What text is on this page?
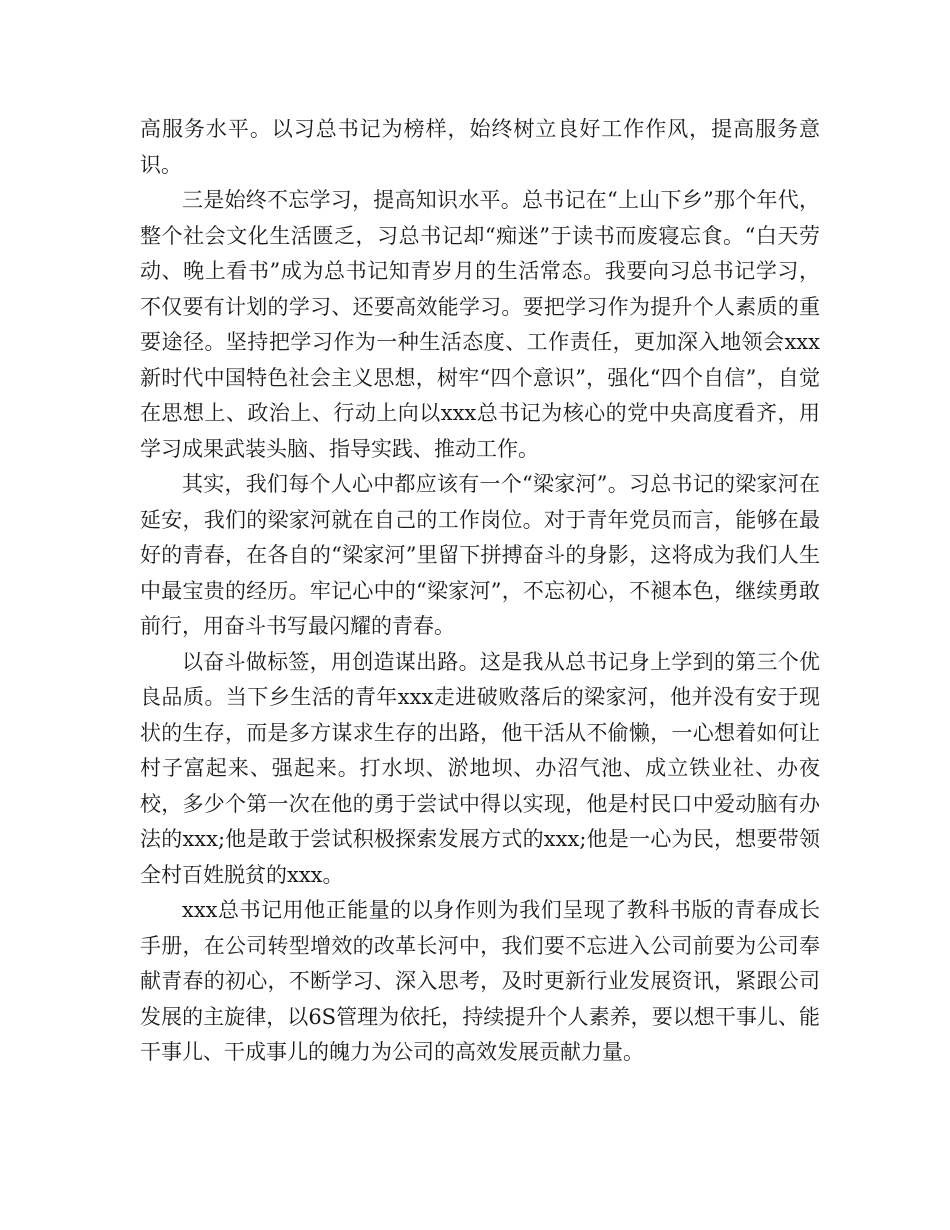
高服务水平。以习总书记为榜样，始终树立良好工作作风，提高服务意识。

三是始终不忘学习，提高知识水平。总书记在“上山下乡”那个年代，整个社会文化生活匮乏，习总书记却“痴迷”于读书而废寝忘食。“白天劳动、晚上看书”成为总书记知青岁月的生活常态。我要向习总书记学习，不仅要有计划的学习、还要高效能学习。要把学习作为提升个人素质的重要途径。坚持把学习作为一种生活态度、工作责任，更加深入地领会xxx新时代中国特色社会主义思想，树牢“四个意识”，强化“四个自信”，自觉在思想上、政治上、行动上向以xxx总书记为核心的党中央高度看齐，用学习成果武装头脑、指导实践、推动工作。

其实，我们每个人心中都应该有一个“梁家河”。习总书记的梁家河在延安，我们的梁家河就在自己的工作岗位。对于青年党员而言，能够在最好的青春，在各自的“梁家河”里留下拼搏奋斗的身影，这将成为我们人生中最宝贵的经历。牢记心中的“梁家河”，不忘初心，不褪本色，继续勇敢前行，用奋斗书写最闪耀的青春。

以奋斗做标签，用创造谋出路。这是我从总书记身上学到的第三个优良品质。当下乡生活的青年xxx走进破败落后的梁家河，他并没有安于现状的生存，而是多方谋求生存的出路，他干活从不偷懒，一心想着如何让村子富起来、强起来。打水坝、淤地坝、办沼气池、成立铁业社、办夜校，多少个第一次在他的勇于尝试中得以实现，他是村民口中爱动脑有办法的xxx;他是敢于尝试积极探索发展方式的xxx;他是一心为民，想要带领全村百姓脱贫的xxx。

xxx总书记用他正能量的以身作则为我们呈现了教科书版的青春成长手册，在公司转型增效的改革长河中，我们要不忘进入公司前要为公司奉献青春的初心，不断学习、深入思考，及时更新行业发展资讯，紧跟公司发展的主旋律，以6S管理为依托，持续提升个人素养，要以想干事儿、能干事儿、干成事儿的魄力为公司的高效发展贡献力量。
